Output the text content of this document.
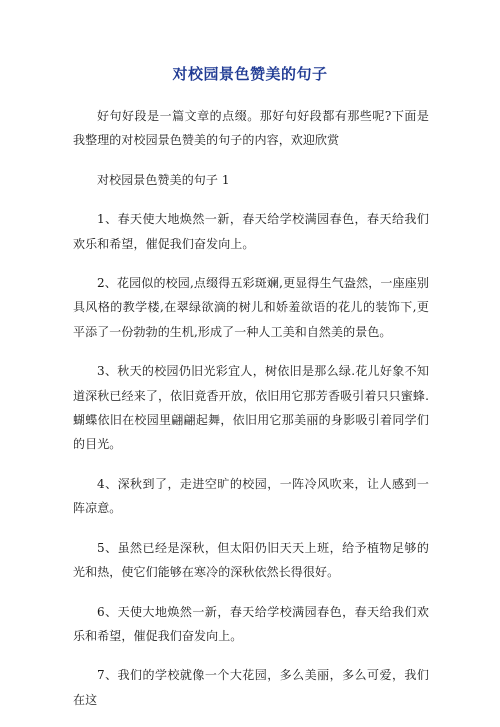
对校园景色赞美的句子

好句好段是一篇文章的点缀。那好句好段都有那些呢?下面是我整理的对校园景色赞美的句子的内容，欢迎欣赏

对校园景色赞美的句子 1

1、春天使大地焕然一新，春天给学校满园春色，春天给我们欢乐和希望，催促我们奋发向上。

2、花园似的校园,点缀得五彩斑斓,更显得生气盎然，一座座别具风格的教学楼,在翠绿欲滴的树儿和娇羞欲语的花儿的装饰下,更平添了一份勃勃的生机,形成了一种人工美和自然美的景色。

3、秋天的校园仍旧光彩宜人，树依旧是那么绿.花儿好象不知道深秋已经来了，依旧竟香开放，依旧用它那芳香吸引着只只蜜蜂.蝴蝶依旧在校园里翩翩起舞，依旧用它那美丽的身影吸引着同学们的目光。

4、深秋到了，走进空旷的校园，一阵冷风吹来，让人感到一阵凉意。

5、虽然已经是深秋，但太阳仍旧天天上班，给予植物足够的光和热，使它们能够在寒冷的深秋依然长得很好。

6、天使大地焕然一新，春天给学校满园春色，春天给我们欢乐和希望，催促我们奋发向上。

7、我们的学校就像一个大花园，多么美丽，多么可爱，我们在这
